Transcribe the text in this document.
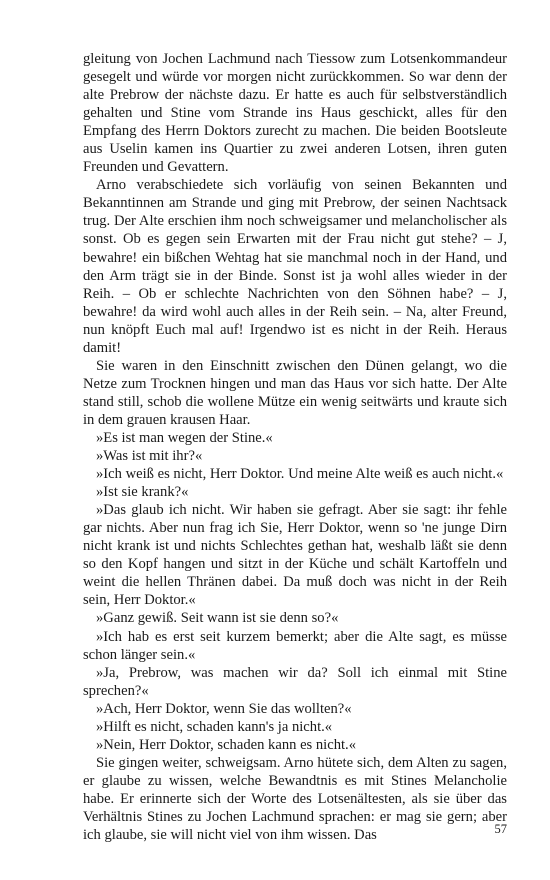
gleitung von Jochen Lachmund nach Tiessow zum Lotsenkommandeur gesegelt und würde vor morgen nicht zurückkommen. So war denn der alte Prebrow der nächste dazu. Er hatte es auch für selbstverständlich gehalten und Stine vom Strande ins Haus geschickt, alles für den Empfang des Herrn Doktors zurecht zu machen. Die beiden Bootsleute aus Uselin kamen ins Quartier zu zwei anderen Lotsen, ihren guten Freunden und Gevattern.

Arno verabschiedete sich vorläufig von seinen Bekannten und Bekanntinnen am Strande und ging mit Prebrow, der seinen Nachtsack trug. Der Alte erschien ihm noch schweigsamer und melancholischer als sonst. Ob es gegen sein Erwarten mit der Frau nicht gut stehe? – J, bewahre! ein bißchen Wehtag hat sie manchmal noch in der Hand, und den Arm trägt sie in der Binde. Sonst ist ja wohl alles wieder in der Reih. – Ob er schlechte Nachrichten von den Söhnen habe? – J, bewahre! da wird wohl auch alles in der Reih sein. – Na, alter Freund, nun knöpft Euch mal auf! Irgendwo ist es nicht in der Reih. Heraus damit!

Sie waren in den Einschnitt zwischen den Dünen gelangt, wo die Netze zum Trocknen hingen und man das Haus vor sich hatte. Der Alte stand still, schob die wollene Mütze ein wenig seitwärts und kraute sich in dem grauen krausen Haar.

»Es ist man wegen der Stine.«

»Was ist mit ihr?«

»Ich weiß es nicht, Herr Doktor. Und meine Alte weiß es auch nicht.«

»Ist sie krank?«

»Das glaub ich nicht. Wir haben sie gefragt. Aber sie sagt: ihr fehle gar nichts. Aber nun frag ich Sie, Herr Doktor, wenn so 'ne junge Dirn nicht krank ist und nichts Schlechtes gethan hat, weshalb läßt sie denn so den Kopf hangen und sitzt in der Küche und schält Kartoffeln und weint die hellen Thränen dabei. Da muß doch was nicht in der Reih sein, Herr Doktor.«

»Ganz gewiß. Seit wann ist sie denn so?«

»Ich hab es erst seit kurzem bemerkt; aber die Alte sagt, es müsse schon länger sein.«

»Ja, Prebrow, was machen wir da? Soll ich einmal mit Stine sprechen?«

»Ach, Herr Doktor, wenn Sie das wollten?«

»Hilft es nicht, schaden kann's ja nicht.«

»Nein, Herr Doktor, schaden kann es nicht.«

Sie gingen weiter, schweigsam. Arno hütete sich, dem Alten zu sagen, er glaube zu wissen, welche Bewandtnis es mit Stines Melancholie habe. Er erinnerte sich der Worte des Lotsenältesten, als sie über das Verhältnis Stines zu Jochen Lachmund sprachen: er mag sie gern; aber ich glaube, sie will nicht viel von ihm wissen. Das	57
